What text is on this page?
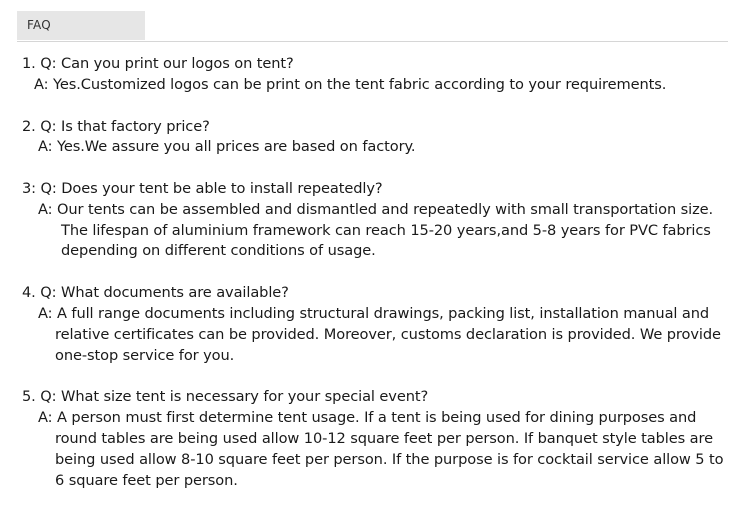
FAQ
1. Q: Can you print our logos on tent?
A: Yes.Customized logos can be print on the tent fabric according to your requirements.
2. Q: Is that factory price?
A: Yes.We assure you all prices are based on factory.
3: Q: Does your tent be able to install repeatedly?
A: Our tents can be assembled and dismantled and repeatedly with small transportation size.
The lifespan of aluminium framework can reach 15-20 years,and 5-8 years for PVC fabrics
depending on different conditions of usage.
4. Q: What documents are available?
A: A full range documents including structural drawings, packing list, installation manual and
relative certificates can be provided. Moreover, customs declaration is provided. We provide
one-stop service for you.
5. Q: What size tent is necessary for your special event?
A: A person must first determine tent usage. If a tent is being used for dining purposes and
round tables are being used allow 10-12 square feet per person. If banquet style tables are
being used allow 8-10 square feet per person. If the purpose is for cocktail service allow 5 to
6 square feet per person.
